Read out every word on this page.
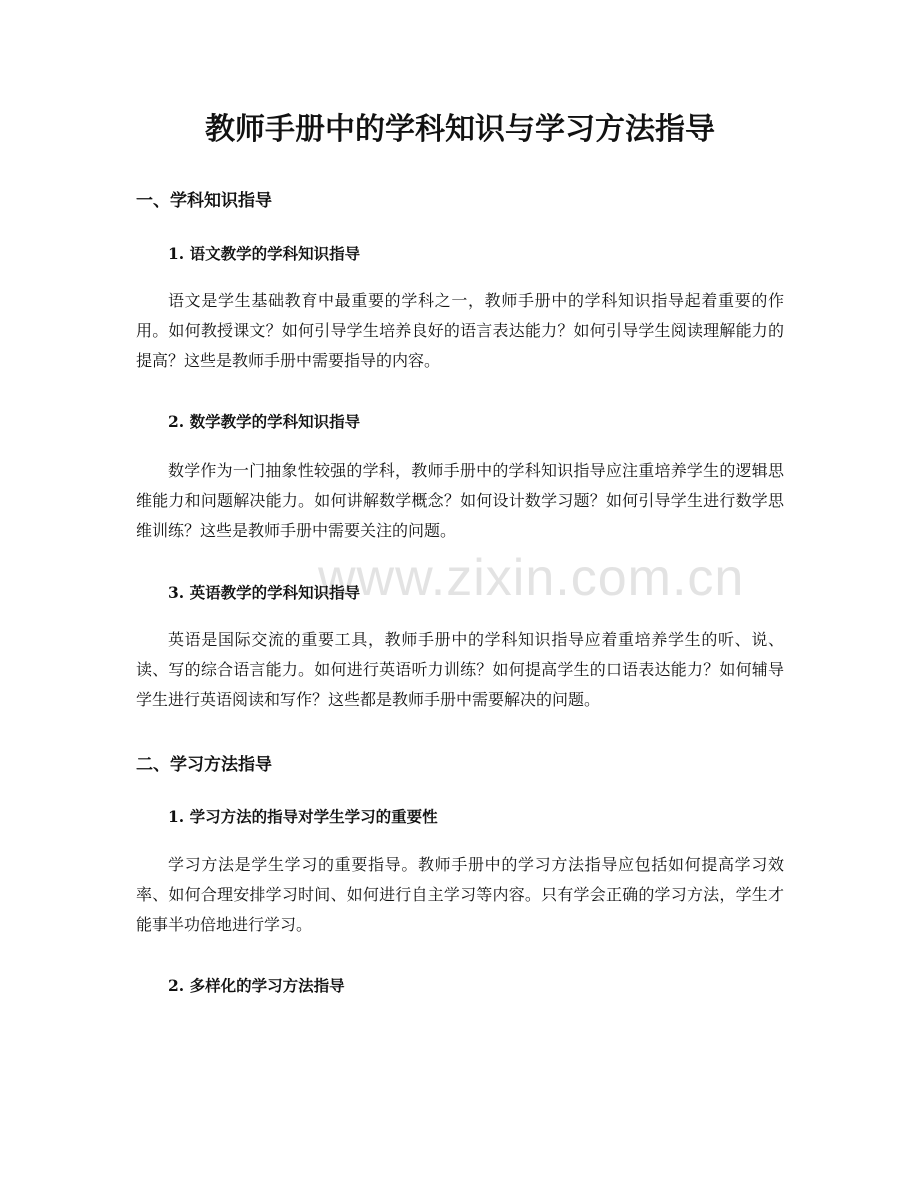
www.zixin.com.cn
教师手册中的学科知识与学习方法指导
一、学科知识指导
1. 语文教学的学科知识指导

语文是学生基础教育中最重要的学科之一，教师手册中的学科知识指导起着重要的作用。如何教授课文？如何引导学生培养良好的语言表达能力？如何引导学生阅读理解能力的提高？这些是教师手册中需要指导的内容。

2. 数学教学的学科知识指导

数学作为一门抽象性较强的学科，教师手册中的学科知识指导应注重培养学生的逻辑思维能力和问题解决能力。如何讲解数学概念？如何设计数学习题？如何引导学生进行数学思维训练？这些是教师手册中需要关注的问题。

3. 英语教学的学科知识指导

英语是国际交流的重要工具，教师手册中的学科知识指导应着重培养学生的听、说、读、写的综合语言能力。如何进行英语听力训练？如何提高学生的口语表达能力？如何辅导学生进行英语阅读和写作？这些都是教师手册中需要解决的问题。

二、学习方法指导
1. 学习方法的指导对学生学习的重要性

学习方法是学生学习的重要指导。教师手册中的学习方法指导应包括如何提高学习效率、如何合理安排学习时间、如何进行自主学习等内容。只有学会正确的学习方法，学生才能事半功倍地进行学习。

2. 多样化的学习方法指导
